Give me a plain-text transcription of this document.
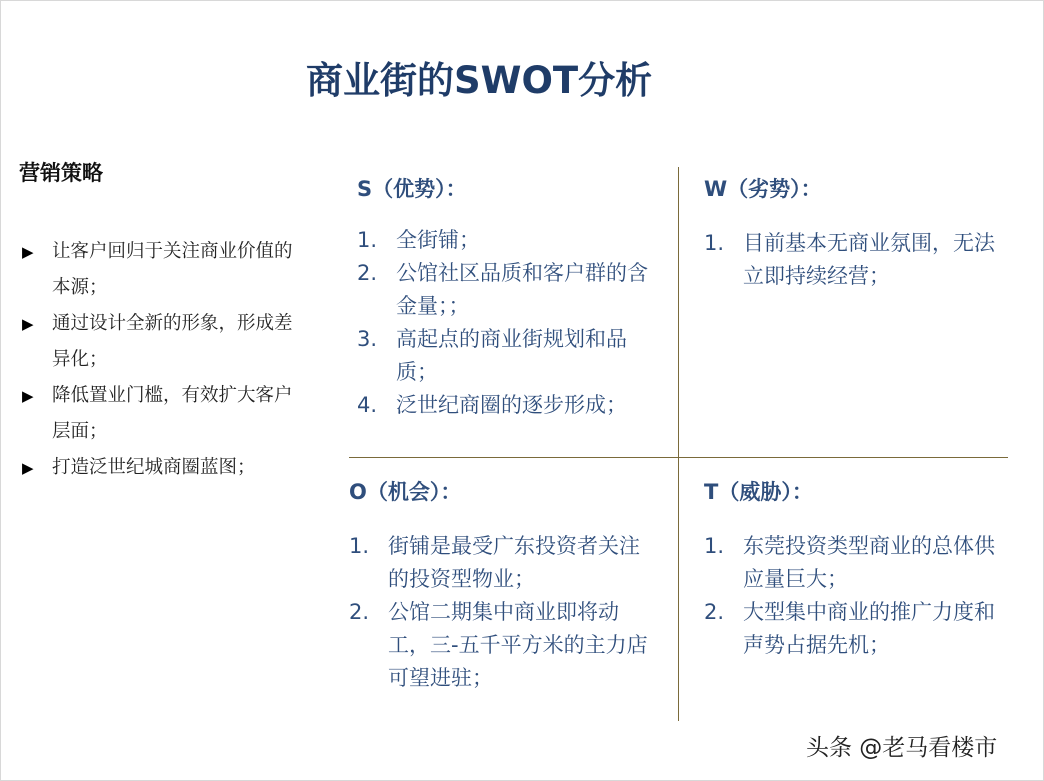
商业街的SWOT分析
营销策略
▶ 让客户回归于关注商业价值的本源；
▶ 通过设计全新的形象，形成差异化；
▶ 降低置业门槛，有效扩大客户层面；
▶ 打造泛世纪城商圈蓝图；
S（优势）：
1. 全街铺；
2. 公馆社区品质和客户群的含金量；；
3. 高起点的商业街规划和品质；
4. 泛世纪商圈的逐步形成；
W（劣势）：
1. 目前基本无商业氛围，无法立即持续经营；
O（机会）：
1. 街铺是最受广东投资者关注的投资型物业；
2. 公馆二期集中商业即将动工，三-五千平方米的主力店可望进驻；
T（威胁）：
1. 东莞投资类型商业的总体供应量巨大；
2. 大型集中商业的推广力度和声势占据先机；
头条 @老马看楼市
